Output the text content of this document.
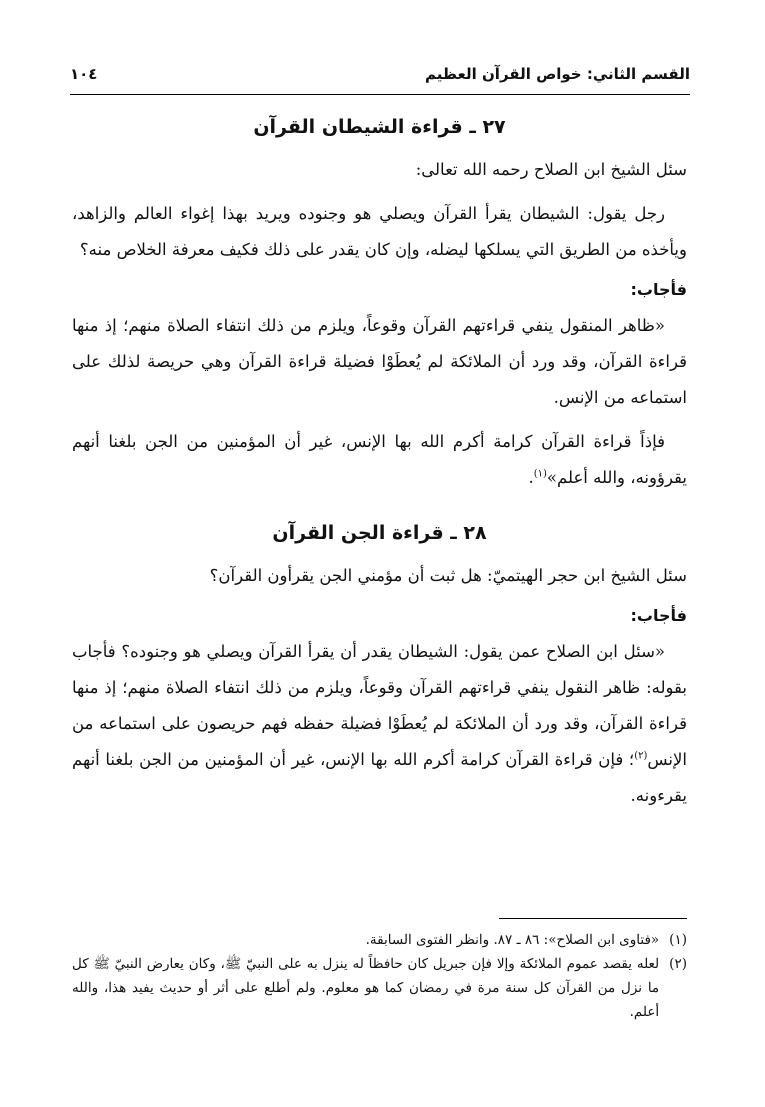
القسم الثاني: خواص القرآن العظيم
١٠٤
٢٧ ـ قراءة الشيطان القرآن

سئل الشيخ ابن الصلاح رحمه الله تعالى:

رجل يقول: الشيطان يقرأ القرآن ويصلي هو وجنوده ويريد بهذا إغواء العالم والزاهد، ويأخذه من الطريق التي يسلكها ليضله، وإن كان يقدر على ذلك فكيف معرفة الخلاص منه؟

فأجاب:

«ظاهر المنقول ينفي قراءتهم القرآن وقوعاً، ويلزم من ذلك انتفاء الصلاة منهم؛ إذ منها قراءة القرآن، وقد ورد أن الملائكة لم يُعطَوْا فضيلة قراءة القرآن وهي حريصة لذلك على استماعه من الإنس.

فإذاً قراءة القرآن كرامة أكرم الله بها الإنس، غير أن المؤمنين من الجن بلغنا أنهم يقرؤونه، والله أعلم»$^{(١)}$.

٢٨ ـ قراءة الجن القرآن

سئل الشيخ ابن حجر الهيتميّ: هل ثبت أن مؤمني الجن يقرأون القرآن؟

فأجاب:

«سئل ابن الصلاح عمن يقول: الشيطان يقدر أن يقرأ القرآن ويصلي هو وجنوده؟ فأجاب بقوله: ظاهر النقول ينفي قراءتهم القرآن وقوعاً، ويلزم من ذلك انتفاء الصلاة منهم؛ إذ منها قراءة القرآن، وقد ورد أن الملائكة لم يُعطَوْا فضيلة حفظه فهم حريصون على استماعه من الإنس$^{(٢)}$؛ فإن قراءة القرآن كرامة أكرم الله بها الإنس، غير أن المؤمنين من الجن بلغنا أنهم يقرءونه.

(١)
«فتاوى ابن الصلاح»: ٨٦ ـ ٨٧. وانظر الفتوى السابقة.
(٢)
لعله يقصد عموم الملائكة وإلا فإن جبريل كان حافظاً له ينزل به على النبيّ ﷺ، وكان يعارض النبيّ ﷺ كل ما نزل من القرآن كل سنة مرة في رمضان كما هو معلوم. ولم أطلع على أثر أو حديث يفيد هذا، والله أعلم.
